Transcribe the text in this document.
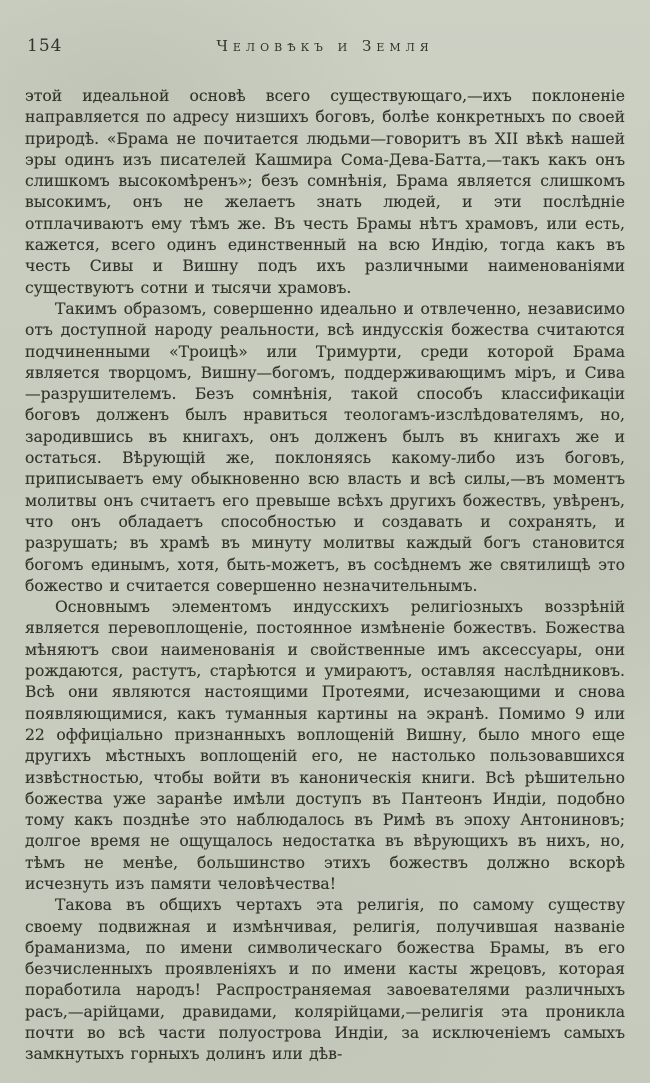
154	Человѣкъ и Земля

этой идеальной основѣ всего существующаго,—ихъ поклоненіе направляется по адресу низшихъ боговъ, болѣе конкретныхъ по своей природѣ. «Брама не почитается людьми—говоритъ въ XII вѣкѣ нашей эры одинъ изъ писателей Кашмира Сома-Дева-Батта,—такъ какъ онъ слишкомъ высокомѣренъ»; безъ сомнѣнія, Брама является слишкомъ высокимъ, онъ не желаетъ знать людей, и эти послѣдніе отплачиваютъ ему тѣмъ же. Въ честь Брамы нѣтъ храмовъ, или есть, кажется, всего одинъ единственный на всю Индію, тогда какъ въ честь Сивы и Вишну подъ ихъ различными наименованіями существуютъ сотни и тысячи храмовъ.

Такимъ образомъ, совершенно идеально и отвлеченно, независимо отъ доступной народу реальности, всѣ индусскія божества считаются подчиненными «Троицѣ» или Тримурти, среди которой Брама является творцомъ, Вишну—богомъ, поддерживающимъ міръ, и Сива—разрушителемъ. Безъ сомнѣнія, такой способъ классификаціи боговъ долженъ былъ нравиться теологамъ-изслѣдователямъ, но, зародившись въ книгахъ, онъ долженъ былъ въ книгахъ же и остаться. Вѣрующій же, поклоняясь какому-либо изъ боговъ, приписываетъ ему обыкновенно всю власть и всѣ силы,—въ моментъ молитвы онъ считаетъ его превыше всѣхъ другихъ божествъ, увѣренъ, что онъ обладаетъ способностью и создавать и сохранять, и разрушать; въ храмѣ въ минуту молитвы каждый богъ становится богомъ единымъ, хотя, быть-можетъ, въ сосѣднемъ же святилищѣ это божество и считается совершенно незначительнымъ.

Основнымъ элементомъ индусскихъ религіозныхъ воззрѣній является перевоплощеніе, постоянное измѣненіе божествъ. Божества мѣняютъ свои наименованія и свойственные имъ аксессуары, они рождаются, растутъ, старѣются и умираютъ, оставляя наслѣдниковъ. Всѣ они являются настоящими Протеями, исчезающими и снова появляющимися, какъ туманныя картины на экранѣ. Помимо 9 или 22 оффиціально признанныхъ воплощеній Вишну, было много еще другихъ мѣстныхъ воплощеній его, не настолько пользовавшихся извѣстностью, чтобы войти въ каноническія книги. Всѣ рѣшительно божества уже заранѣе имѣли доступъ въ Пантеонъ Индіи, подобно тому какъ позднѣе это наблюдалось въ Римѣ въ эпоху Антониновъ; долгое время не ощущалось недостатка въ вѣрующихъ въ нихъ, но, тѣмъ не менѣе, большинство этихъ божествъ должно вскорѣ исчезнуть изъ памяти человѣчества!

Такова въ общихъ чертахъ эта религія, по самому существу своему подвижная и измѣнчивая, религія, получившая названіе браманизма, по имени символическаго божества Брамы, въ его безчисленныхъ проявленіяхъ и по имени касты жрецовъ, которая поработила народъ! Распространяемая завоевателями различныхъ расъ,—арійцами, дравидами, колярійцами,—религія эта проникла почти во всѣ части полуострова Индіи, за исключеніемъ самыхъ замкнутыхъ горныхъ долинъ или дѣв-
